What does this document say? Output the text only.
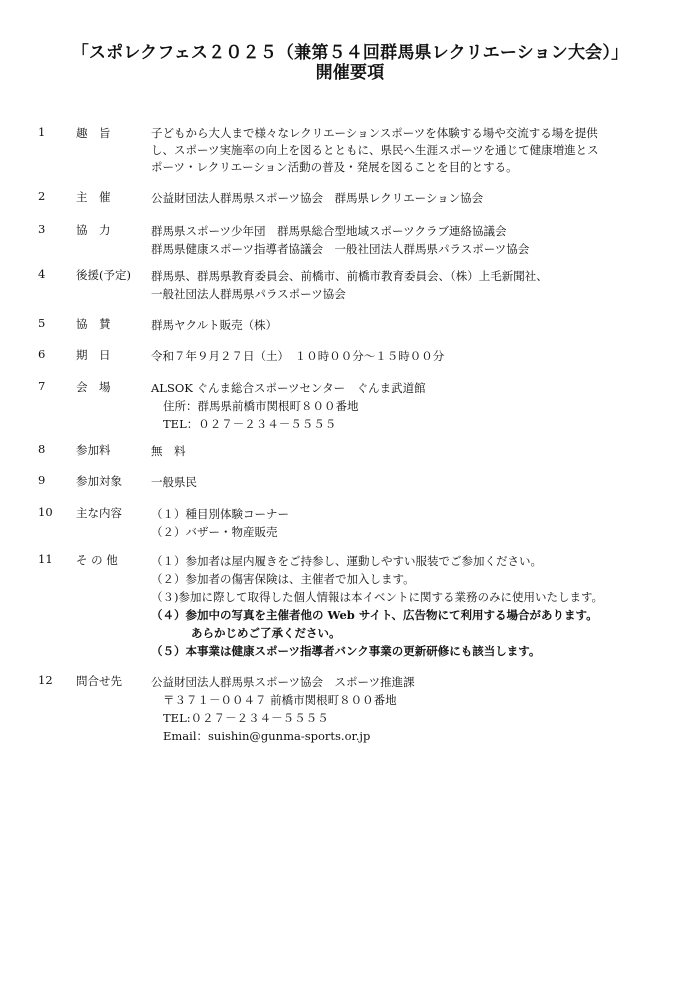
「スポレクフェス２０２５（兼第５４回群馬県レクリエーション大会）」
開催要項
1	趣　旨	子どもから大人まで様々なレクリエーションスポーツを体験する場や交流する場を提供
し、スポーツ実施率の向上を図るとともに、県民へ生涯スポーツを通じて健康増進とス
ポーツ・レクリエーション活動の普及・発展を図ることを目的とする。
2	主　催	公益財団法人群馬県スポーツ協会　群馬県レクリエーション協会
3	協　力	群馬県スポーツ少年団　群馬県総合型地域スポーツクラブ連絡協議会
群馬県健康スポーツ指導者協議会　一般社団法人群馬県パラスポーツ協会
4	後援(予定)	群馬県、群馬県教育委員会、前橋市、前橋市教育委員会、（株）上毛新聞社、
一般社団法人群馬県パラスポーツ協会
5	協　賛	群馬ヤクルト販売（株）
6	期　日	令和７年９月２７日（土）　１０時００分～１５時００分
7	会　場	ALSOK ぐんま総合スポーツセンター　ぐんま武道館
住所：群馬県前橋市関根町８００番地
TEL：０２７－２３４－５５５５
8	参加料	無　料
9	参加対象	一般県民
10 主な内容	（１）種目別体験コーナー
（２）バザー・物産販売
11 そ の 他	（１）参加者は屋内履きをご持参し、運動しやすい服装でご参加ください。
（２）参加者の傷害保険は、主催者で加入します。
（３)参加に際して取得した個人情報は本イベントに関する業務のみに使用いたします。
（４）参加中の写真を主催者他の Web サイト、広告物にて利用する場合があります。
あらかじめご了承ください。
（５）本事業は健康スポーツ指導者バンク事業の更新研修にも該当します。
12 問合せ先	公益財団法人群馬県スポーツ協会　スポーツ推進課
〒３７１－００４７ 前橋市関根町８００番地
TEL:０２７－２３４－５５５５
Email：suishin@gunma-sports.or.jp
